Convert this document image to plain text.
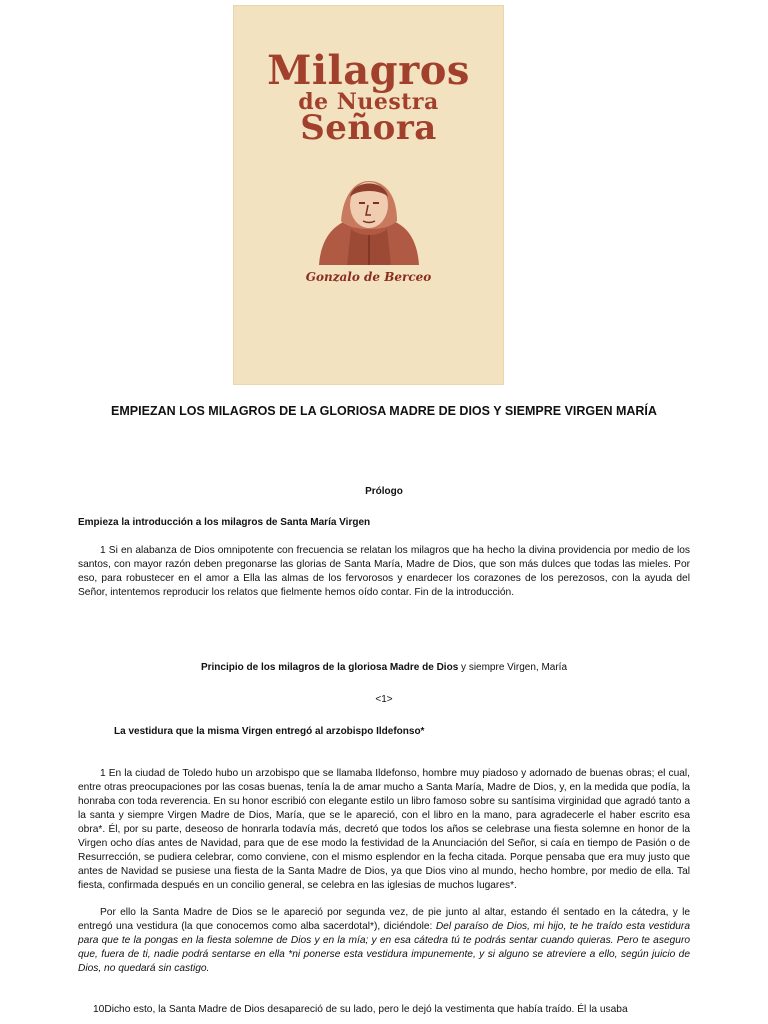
Milagros
de Nuestra
Señora
Gonzalo de Berceo
EMPIEZAN LOS MILAGROS DE LA GLORIOSA MADRE DE DIOS Y SIEMPRE VIRGEN MARÍA
Prólogo
Empieza la introducción a los milagros de Santa María Virgen

1 Si en alabanza de Dios omnipotente con frecuencia se relatan los milagros que ha hecho la divina providencia por medio de los santos, con mayor razón deben pregonarse las glorias de Santa María, Madre de Dios, que son más dulces que todas las mieles. Por eso, para robustecer en el amor a Ella las almas de los fervorosos y enardecer los corazones de los perezosos, con la ayuda del Señor, intentemos reproducir los relatos que fielmente hemos oído contar. Fin de la introducción.

Principio de los milagros de la gloriosa Madre de Dios y siempre Virgen, María
<1>
La vestidura que la misma Virgen entregó al arzobispo Ildefonso*

1 En la ciudad de Toledo hubo un arzobispo que se llamaba Ildefonso, hombre muy piadoso y adornado de buenas obras; el cual, entre otras preocupaciones por las cosas buenas, tenía la de amar mucho a Santa María, Madre de Dios, y, en la medida que podía, la honraba con toda reverencia. En su honor escribió con elegante estilo un libro famoso sobre su santísima virginidad que agradó tanto a la santa y siempre Virgen Madre de Dios, María, que se le apareció, con el libro en la mano, para agradecerle el haber escrito esa obra*. Él, por su parte, deseoso de honrarla todavía más, decretó que todos los años se celebrase una fiesta solemne en honor de la Virgen ocho días antes de Navidad, para que de ese modo la festividad de la Anunciación del Señor, si caía en tiempo de Pasión o de Resurrección, se pudiera celebrar, como conviene, con el mismo esplendor en la fecha citada. Porque pensaba que era muy justo que antes de Navidad se pusiese una fiesta de la Santa Madre de Dios, ya que Dios vino al mundo, hecho hombre, por medio de ella. Tal fiesta, confirmada después en un concilio general, se celebra en las iglesias de muchos lugares*.

Por ello la Santa Madre de Dios se le apareció por segunda vez, de pie junto al altar, estando él sentado en la cátedra, y le entregó una vestidura (la que conocemos como alba sacerdotal*), diciéndole: Del paraíso de Dios, mi hijo, te he traído esta vestidura para que te la pongas en la fiesta solemne de Dios y en la mía; y en esa cátedra tú te podrás sentar cuando quieras. Pero te aseguro que, fuera de ti, nadie podrá sentarse en ella *ni ponerse esta vestidura impunemente, y si alguno se atreviere a ello, según juicio de Dios, no quedará sin castigo.

10Dicho esto, la Santa Madre de Dios desapareció de su lado, pero le dejó la vestimenta que había traído. Él la usaba
